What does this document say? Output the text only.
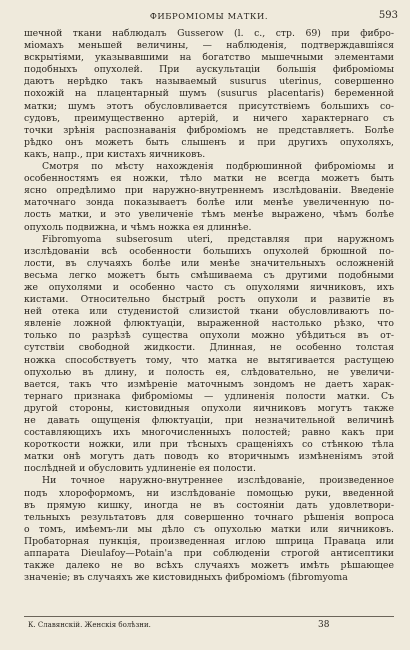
ФИБРОМІОМЫ МАТКИ.	593
шечной ткани наблюдалъ Gusserow (l. c., стр. 69) при фибро-
міомахъ меньшей величины, — наблюденія, подтверждавшіяся
вскрытіями, указывавшими на богатство мышечными элементами
подобныхъ опухолей. При аускультаціи большія фибромiомы
даютъ нерѣдко такъ называемый susurus uterinus, совершенно
похожій на плацентарный шумъ (susurus placentaris) беременной
матки; шумъ этотъ обусловливается присутствіемъ большихъ со-
судовъ, преимущественно артерій, и ничего характернаго съ
точки зрѣнія распознаванія фибромiомъ не представляетъ. Болѣе
рѣдко онъ можетъ быть слышенъ и при другихъ опухоляхъ,
какъ, напр., при кистахъ яичниковъ.
Смотря по мѣсту нахожденія подбрюшинной фибромiомы и
особенностямъ ея ножки, тѣло матки не всегда можетъ быть
ясно опредѣлимо при наружно-внутреннемъ изслѣдованіи. Введеніе
маточнаго зонда показываетъ болѣе или менѣе увеличенную по-
лость матки, и это увеличеніе тѣмъ менѣе выражено, чѣмъ болѣе
опухоль подвижна, и чѣмъ ножка ея длиннѣе.
Fibromyoma subserosum uteri, представляя при наружномъ
изслѣдованіи всѣ особенности большихъ опухолей брюшной по-
лости, въ случаяхъ болѣе или менѣе значительныхъ осложненій
весьма легко можетъ быть смѣшиваема съ другими подобными
же опухолями и особенно часто съ опухолями яичниковъ, ихъ
кистами. Относительно быстрый ростъ опухоли и развитіе въ
ней отека или студенистой слизистой ткани обусловливаютъ по-
явленіе ложной флюктуаціи, выраженной настолько рѣзко, что
только по разрѣзѣ существа опухоли можно убѣдиться въ от-
сутствіи свободной жидкости. Длинная, не особенно толстая
ножка способствуетъ тому, что матка не вытягивается растущею
опухолью въ длину, и полость ея, слѣдовательно, не увеличи-
вается, такъ что измѣреніе маточнымъ зондомъ не даетъ харак-
тернаго признака фибромiомы — удлиненія полости матки. Съ
другой стороны, кистовидныя опухоли яичниковъ могутъ также
не давать ощущенія флюктуаціи, при незначительной величинѣ
составляющихъ ихъ многочисленныхъ полостей; равно какъ при
короткости ножки, или при тѣсныхъ сращеніяхъ со стѣнкою тѣла
матки онѣ могутъ дать поводъ ко вторичнымъ измѣненіямъ этой
послѣдней и обусловить удлиненіе ея полости.
Ни точное наружно-внутреннее изслѣдованіе, произведенное
подъ хлороформомъ, ни изслѣдованіе помощью руки, введенной
въ прямую кишку, иногда не въ состояніи дать удовлетвори-
тельныхъ результатовъ для совершенно точнаго рѣшенія вопроса
о томъ, имѣемъ-ли мы дѣло съ опухолью матки или яичниковъ.
Пробаторная пункція, произведенная иглою шприца Правацa или
аппарата Dieulafoy—Potain'а при соблюденіи строгой антисептики
также далеко не во всѣхъ случаяхъ можетъ имѣть рѣшающее
значеніе; въ случаяхъ же кистовидныхъ фибромiомъ (fibromyoma
К. Славянскій. Женскія болѣзни.	38
